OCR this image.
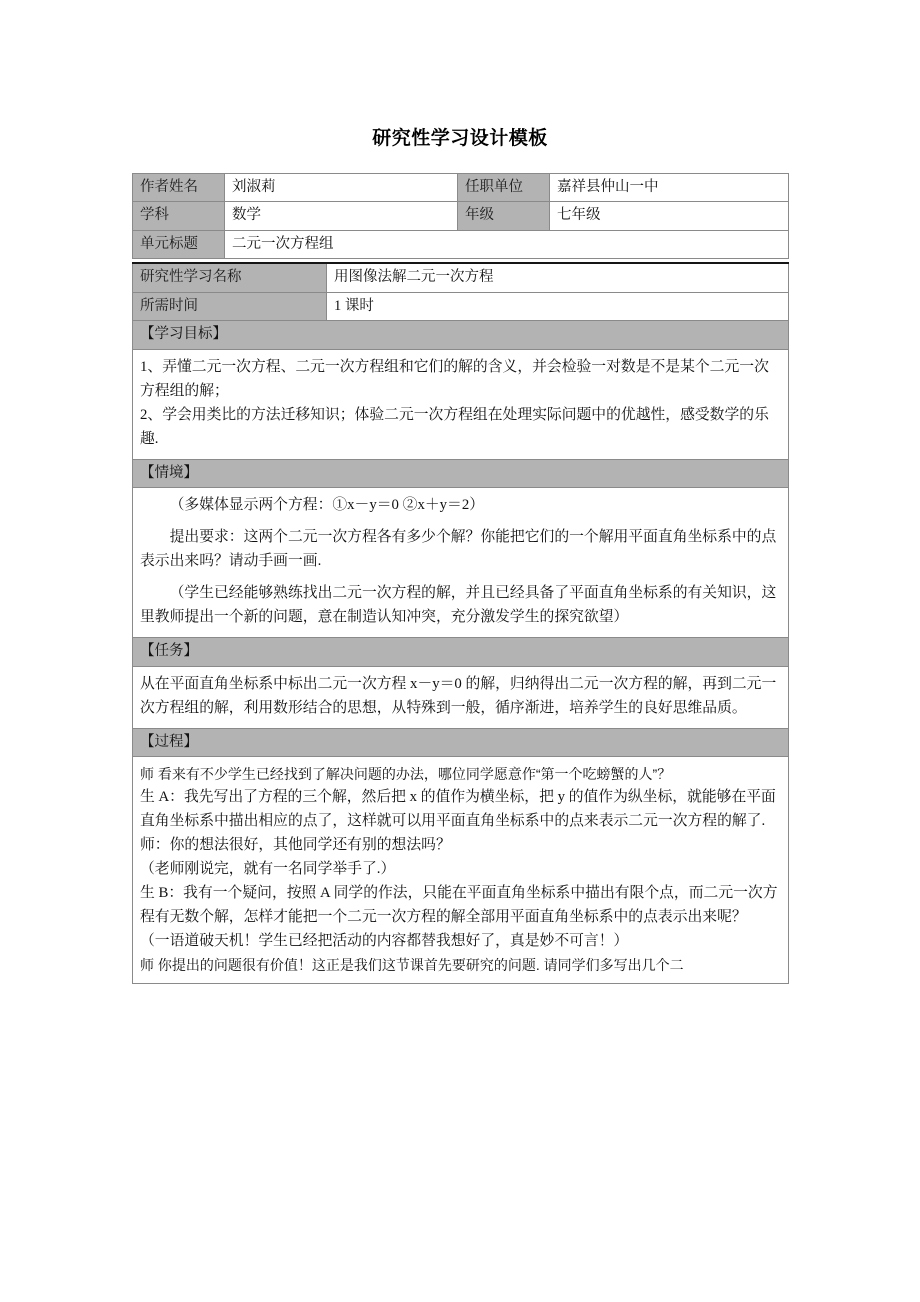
研究性学习设计模板
作者姓名	刘淑莉	任职单位	嘉祥县仲山一中
学科	数学	年级	七年级
单元标题	二元一次方程组		
研究性学习名称	用图像法解二元一次方程
所需时间	1 课时
【学习目标】	

1、弄懂二元一次方程、二元一次方程组和它们的解的含义，并会检验一对数是不是某个二元一次方程组的解；

2、学会用类比的方法迁移知识；体验二元一次方程组在处理实际问题中的优越性，感受数学的乐趣.	

【情境】	

（多媒体显示两个方程：①x－y＝0 ②x＋y＝2）

提出要求：这两个二元一次方程各有多少个解？你能把它们的一个解用平面直角坐标系中的点表示出来吗？请动手画一画.

（学生已经能够熟练找出二元一次方程的解，并且已经具备了平面直角坐标系的有关知识，这里教师提出一个新的问题，意在制造认知冲突，充分激发学生的探究欲望）	

【任务】	

从在平面直角坐标系中标出二元一次方程 x－y＝0 的解，归纳得出二元一次方程的解，再到二元一次方程组的解，利用数形结合的思想，从特殊到一般，循序渐进，培养学生的良好思维品质。	

【过程】	

师 看来有不少学生已经找到了解决问题的办法，哪位同学愿意作“第一个吃螃蟹的人”？

生 A：我先写出了方程的三个解，然后把 x 的值作为横坐标，把 y 的值作为纵坐标，就能够在平面直角坐标系中描出相应的点了，这样就可以用平面直角坐标系中的点来表示二元一次方程的解了.

师：你的想法很好，其他同学还有别的想法吗？

（老师刚说完，就有一名同学举手了.）

生 B：我有一个疑问，按照 A 同学的作法，只能在平面直角坐标系中描出有限个点，而二元一次方程有无数个解，怎样才能把一个二元一次方程的解全部用平面直角坐标系中的点表示出来呢？

（一语道破天机！学生已经把活动的内容都替我想好了，真是妙不可言！）

师 你提出的问题很有价值！这正是我们这节课首先要研究的问题. 请同学们多写出几个二
